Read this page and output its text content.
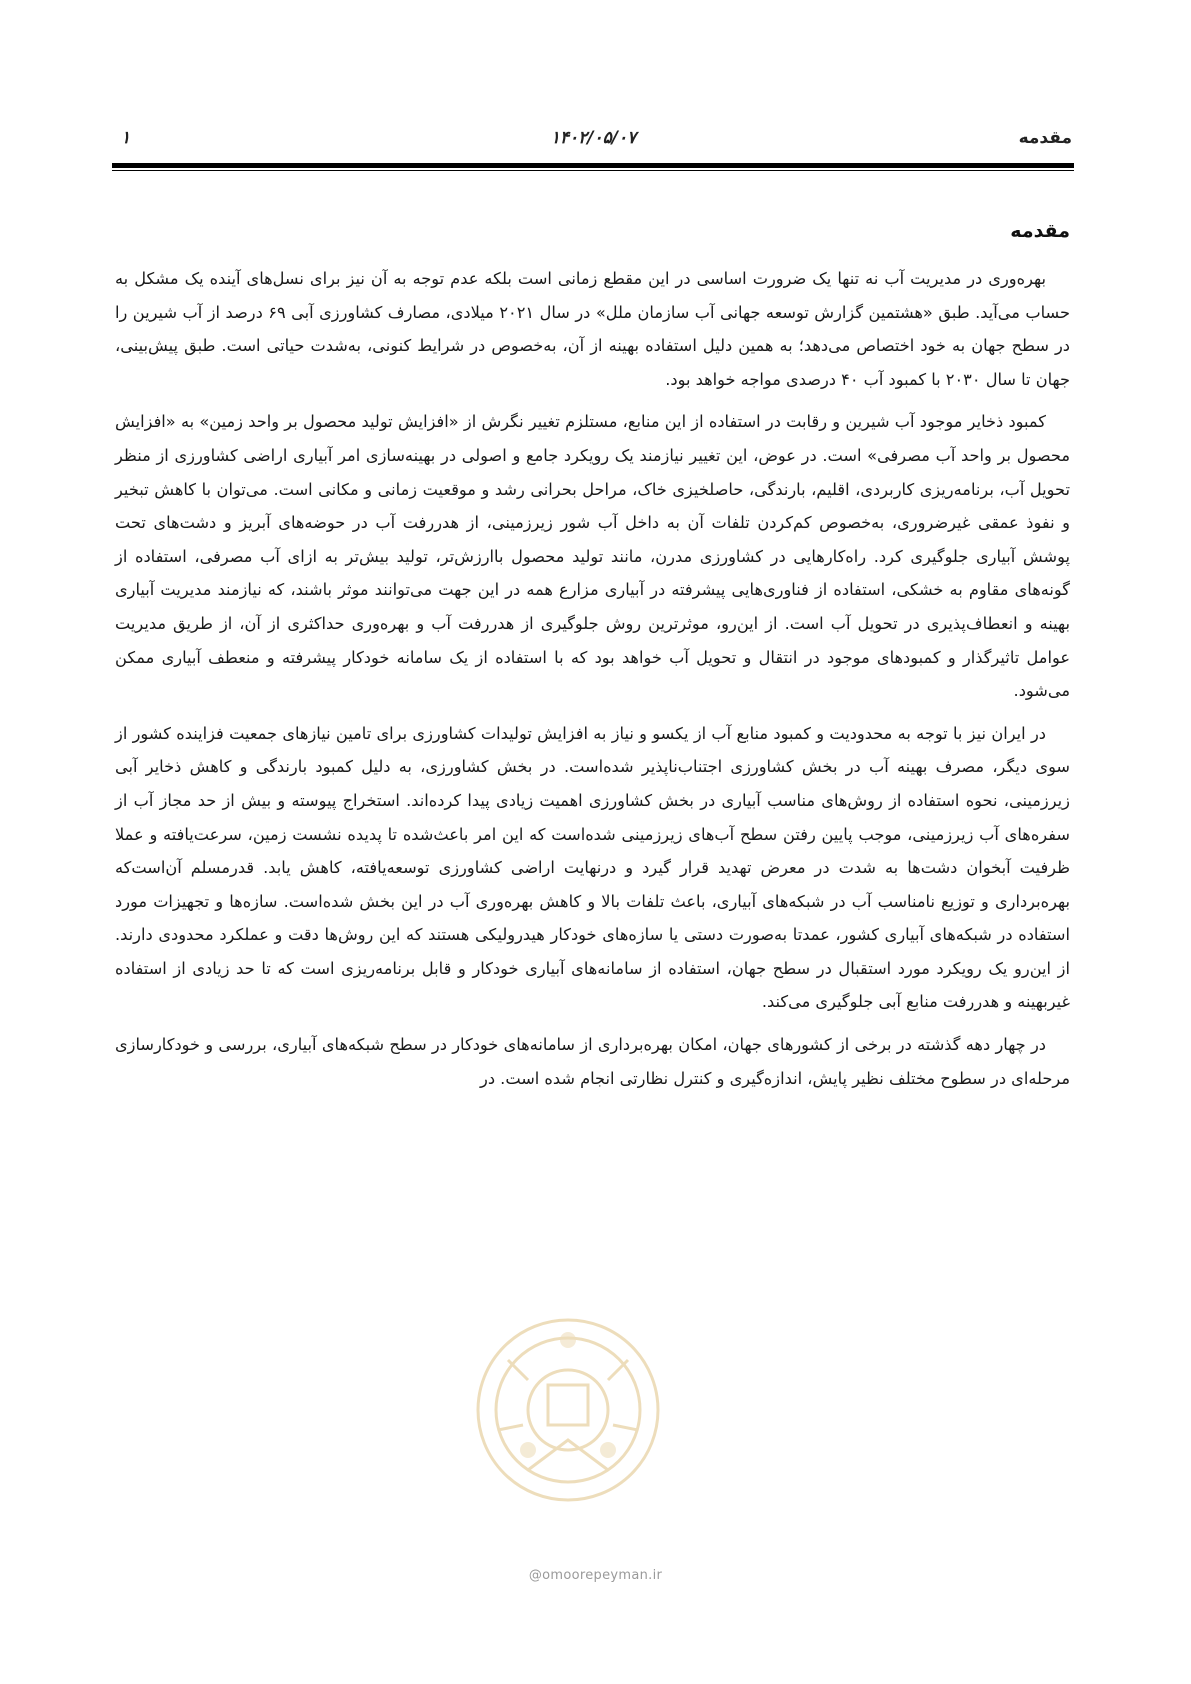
مقدمه
۱۴۰۲/۰۵/۰۷
۱
مقدمه

بهره‌وری در مدیریت آب نه تنها یک ضرورت اساسی در این مقطع زمانی است بلکه عدم توجه به آن نیز برای نسل‌های آینده یک مشکل به حساب می‌آید. طبق «هشتمین گزارش توسعه جهانی آب سازمان ملل» در سال ۲۰۲۱ میلادی، مصارف کشاورزی آبی ۶۹ درصد از آب شیرین را در سطح جهان به خود اختصاص می‌دهد؛ به همین دلیل استفاده بهینه از آن، به‌خصوص در شرایط کنونی، به‌شدت حیاتی است. طبق پیش‌بینی، جهان تا سال ۲۰۳۰ با کمبود آب ۴۰ درصدی مواجه خواهد بود.

کمبود ذخایر موجود آب شیرین و رقابت در استفاده از این منابع، مستلزم تغییر نگرش از «افزایش تولید محصول بر واحد زمین» به «افزایش محصول بر واحد آب مصرفی» است. در عوض، این تغییر نیازمند یک رویکرد جامع و اصولی در بهینه‌سازی امر آبیاری اراضی کشاورزی از منظر تحویل آب، برنامه‌ریزی کاربردی، اقلیم، بارندگی، حاصلخیزی خاک، مراحل بحرانی رشد و موقعیت زمانی و مکانی است. می‌توان با کاهش تبخیر و نفوذ عمقی غیرضروری، به‌خصوص کم‌کردن تلفات آن به داخل آب شور زیرزمینی، از هدررفت آب در حوضه‌های آبریز و دشت‌های تحت پوشش آبیاری جلوگیری کرد. راه‌کارهایی در کشاورزی مدرن، مانند تولید محصول باارزش‌تر، تولید بیش‌تر به ازای آب مصرفی، استفاده از گونه‌های مقاوم به خشکی، استفاده از فناوری‌هایی پیشرفته در آبیاری مزارع همه در این جهت می‌توانند موثر باشند، که نیازمند مدیریت آبیاری بهینه و انعطاف‌پذیری در تحویل آب است. از این‌رو، موثرترین روش جلوگیری از هدررفت آب و بهره‌وری حداکثری از آن، از طریق مدیریت عوامل تاثیرگذار و کمبودهای موجود در انتقال و تحویل آب خواهد بود که با استفاده از یک سامانه خودکار پیشرفته و منعطف آبیاری ممکن می‌شود.

در ایران نیز با توجه به محدودیت و کمبود منابع آب از یکسو و نیاز به افزایش تولیدات کشاورزی برای تامین نیازهای جمعیت فزاینده کشور از سوی دیگر، مصرف بهینه آب در بخش کشاورزی اجتناب‌ناپذیر شده‌است. در بخش کشاورزی، به دلیل کمبود بارندگی و کاهش ذخایر آبی زیرزمینی، نحوه استفاده از روش‌های مناسب آبیاری در بخش کشاورزی اهمیت زیادی پیدا کرده‌اند. استخراج پیوسته و بیش از حد مجاز آب از سفره‌های آب زیرزمینی، موجب پایین رفتن سطح آب‌های زیرزمینی شده‌است که این امر باعث‌شده تا پدیده نشست زمین، سرعت‌یافته و عملا ظرفیت آبخوان دشت‌ها به شدت در معرض تهدید قرار گیرد و درنهایت اراضی کشاورزی توسعه‌یافته، کاهش یابد. قدرمسلم آن‌است‌که بهره‌برداری و توزیع نامناسب آب در شبکه‌های آبیاری، باعث تلفات بالا و کاهش بهره‌وری آب در این بخش شده‌است. سازه‌ها و تجهیزات مورد استفاده در شبکه‌های آبیاری کشور، عمدتا به‌صورت دستی یا سازه‌های خودکار هیدرولیکی هستند که این روش‌ها دقت و عملکرد محدودی دارند. از این‌رو یک رویکرد مورد استقبال در سطح جهان، استفاده از سامانه‌های آبیاری خودکار و قابل برنامه‌ریزی است که تا حد زیادی از استفاده غیربهینه و هدررفت منابع آبی جلوگیری می‌کند.

در چهار دهه گذشته در برخی از کشورهای جهان، امکان بهره‌برداری از سامانه‌های خودکار در سطح شبکه‌های آبیاری، بررسی و خودکارسازی مرحله‌ای در سطوح مختلف نظیر پایش، اندازه‌گیری و کنترل نظارتی انجام شده است. در

@omoorepeyman.ir
